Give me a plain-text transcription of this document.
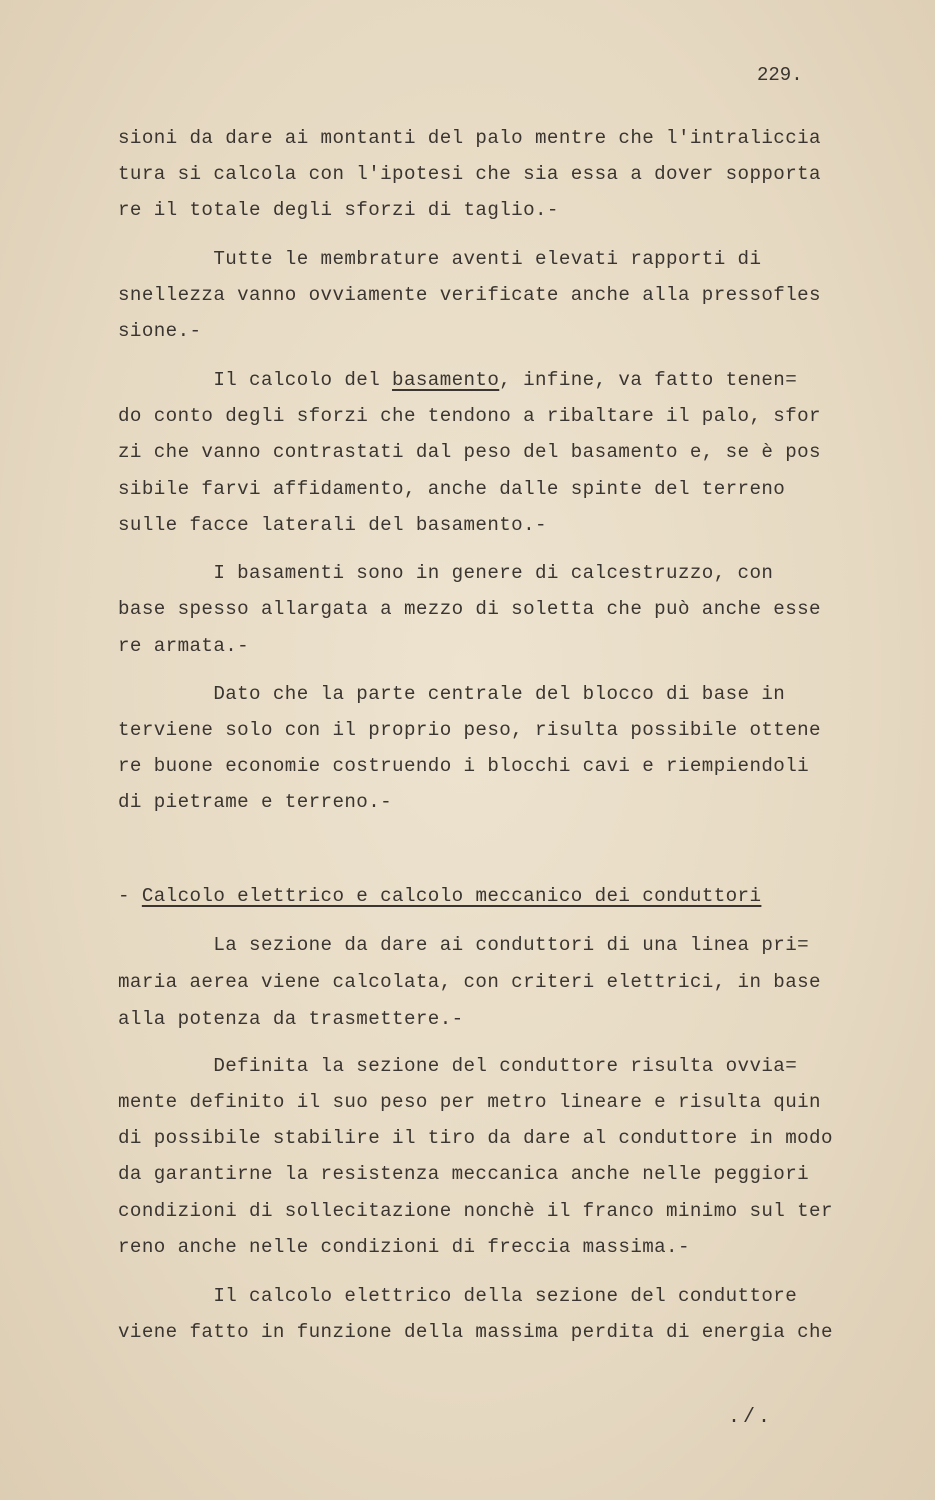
229.
sioni da dare ai montanti del palo mentre che l'intraliccia
tura si calcola con l'ipotesi che sia essa a dover sopporta
re il totale degli sforzi di taglio.-
Tutte le membrature aventi elevati rapporti di
snellezza vanno ovviamente verificate anche alla pressofles
sione.-
Il calcolo del basamento, infine, va fatto tenen=
do conto degli sforzi che tendono a ribaltare il palo, sfor
zi che vanno contrastati dal peso del basamento e, se è pos
sibile farvi affidamento, anche dalle spinte del terreno
sulle facce laterali del basamento.-
I basamenti sono in genere di calcestruzzo, con
base spesso allargata a mezzo di soletta che può anche esse
re armata.-
Dato che la parte centrale del blocco di base in
terviene solo con il proprio peso, risulta possibile ottene
re buone economie costruendo i blocchi cavi e riempiendoli
di pietrame e terreno.-
- Calcolo elettrico e calcolo meccanico dei conduttori
La sezione da dare ai conduttori di una linea pri=
maria aerea viene calcolata, con criteri elettrici, in base
alla potenza da trasmettere.-
Definita la sezione del conduttore risulta ovvia=
mente definito il suo peso per metro lineare e risulta quin
di possibile stabilire il tiro da dare al conduttore in modo
da garantirne la resistenza meccanica anche nelle peggiori
condizioni di sollecitazione nonchè il franco minimo sul ter
reno anche nelle condizioni di freccia massima.-
Il calcolo elettrico della sezione del conduttore
viene fatto in funzione della massima perdita di energia che
./.
